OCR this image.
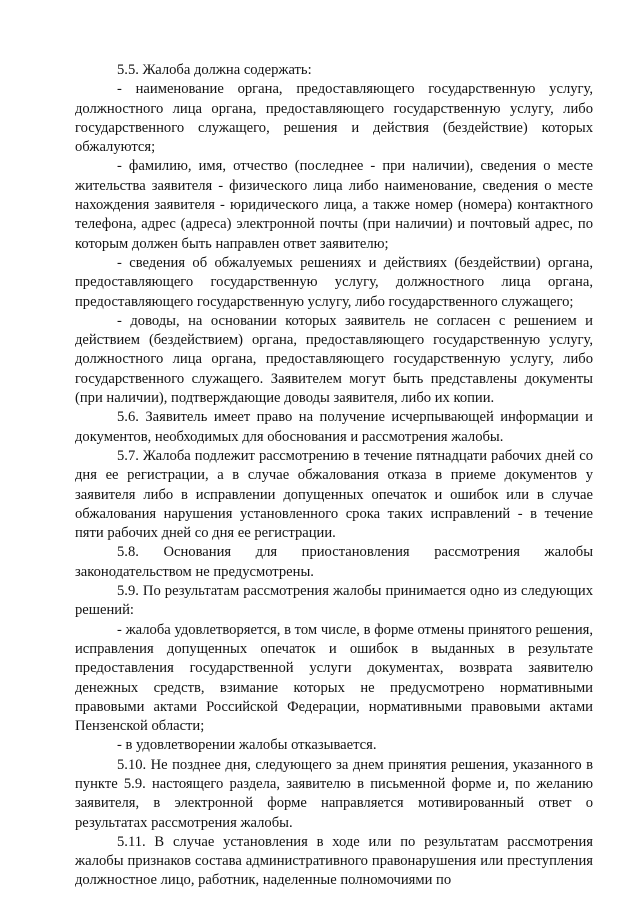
5.5. Жалоба должна содержать:

- наименование органа, предоставляющего государственную услугу, должностного лица органа, предоставляющего государственную услугу, либо государственного служащего, решения и действия (бездействие) которых обжалуются;

- фамилию, имя, отчество (последнее - при наличии), сведения о месте жительства заявителя - физического лица либо наименование, сведения о месте нахождения заявителя - юридического лица, а также номер (номера) контактного телефона, адрес (адреса) электронной почты (при наличии) и почтовый адрес, по которым должен быть направлен ответ заявителю;

- сведения об обжалуемых решениях и действиях (бездействии) органа, предоставляющего государственную услугу, должностного лица органа, предоставляющего государственную услугу, либо государственного служащего;

- доводы, на основании которых заявитель не согласен с решением и действием (бездействием) органа, предоставляющего государственную услугу, должностного лица органа, предоставляющего государственную услугу, либо государственного служащего. Заявителем могут быть представлены документы (при наличии), подтверждающие доводы заявителя, либо их копии.

5.6. Заявитель имеет право на получение исчерпывающей информации и документов, необходимых для обоснования и рассмотрения жалобы.

5.7. Жалоба подлежит рассмотрению в течение пятнадцати рабочих дней со дня ее регистрации, а в случае обжалования отказа в приеме документов у заявителя либо в исправлении допущенных опечаток и ошибок или в случае обжалования нарушения установленного срока таких исправлений - в течение пяти рабочих дней со дня ее регистрации.

5.8. Основания для приостановления рассмотрения жалобы законодательством не предусмотрены.

5.9. По результатам рассмотрения жалобы принимается одно из следующих решений:

- жалоба удовлетворяется, в том числе, в форме отмены принятого решения, исправления допущенных опечаток и ошибок в выданных в результате предоставления государственной услуги документах, возврата заявителю денежных средств, взимание которых не предусмотрено нормативными правовыми актами Российской Федерации, нормативными правовыми актами Пензенской области;

- в удовлетворении жалобы отказывается.

5.10. Не позднее дня, следующего за днем принятия решения, указанного в пункте 5.9. настоящего раздела, заявителю в письменной форме и, по желанию заявителя, в электронной форме направляется мотивированный ответ о результатах рассмотрения жалобы.

5.11. В случае установления в ходе или по результатам рассмотрения жалобы признаков состава административного правонарушения или преступления должностное лицо, работник, наделенные полномочиями по
